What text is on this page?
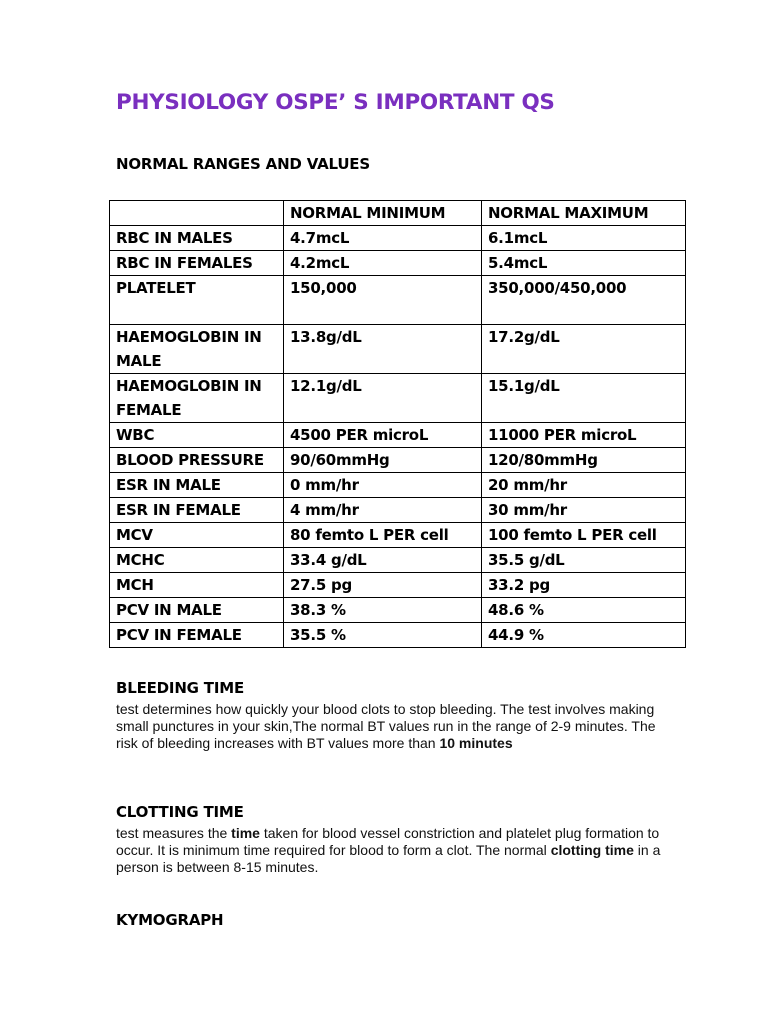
PHYSIOLOGY OSPE’ S IMPORTANT QS
NORMAL RANGES AND VALUES
	NORMAL MINIMUM	NORMAL MAXIMUM
RBC IN MALES	4.7mcL	6.1mcL
RBC IN FEMALES	4.2mcL	5.4mcL
PLATELET	150,000	350,000/450,000
HAEMOGLOBIN IN MALE	13.8g/dL	17.2g/dL
HAEMOGLOBIN IN FEMALE	12.1g/dL	15.1g/dL
WBC	4500 PER microL	11000 PER microL
BLOOD PRESSURE	90/60mmHg	120/80mmHg
ESR IN MALE	0 mm/hr	20 mm/hr
ESR IN FEMALE	4 mm/hr	30 mm/hr
MCV	80 femto L PER cell	100 femto L PER cell
MCHC	33.4 g/dL	35.5 g/dL
MCH	27.5 pg	33.2 pg
PCV IN MALE	38.3 %	48.6 %
PCV IN FEMALE	35.5 %	44.9 %
BLEEDING TIME

test determines how quickly your blood clots to stop bleeding. The test involves making small punctures in your skin,The normal BT values run in the range of 2-9 minutes. The risk of bleeding increases with BT values more than 10 minutes

CLOTTING TIME

test measures the time taken for blood vessel constriction and platelet plug formation to occur. It is minimum time required for blood to form a clot. The normal clotting time in a person is between 8-15 minutes.

KYMOGRAPH
